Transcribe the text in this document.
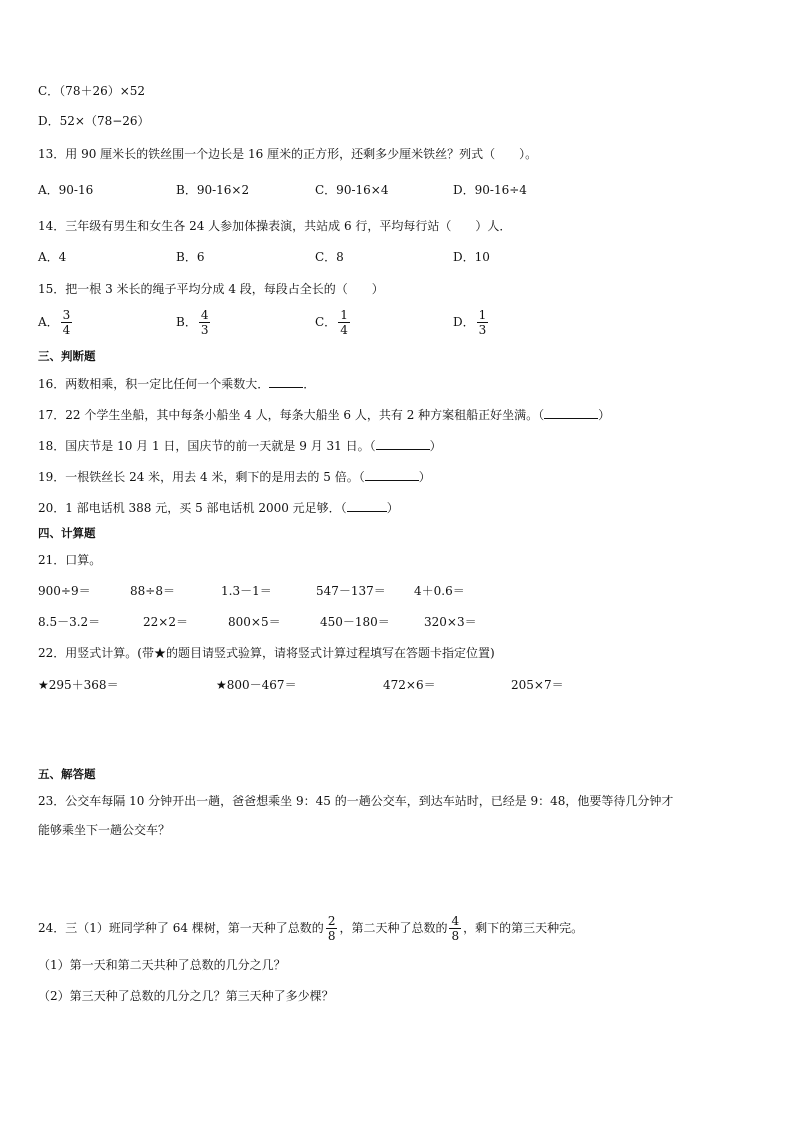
C．（78＋26）×52
D．52×（78−26）
13．用 90 厘米长的铁丝围一个边长是 16 厘米的正方形，还剩多少厘米铁丝？列式（　　）。
A．90-16	B．90-16×2	C．90-16×4	D．90-16÷4
14．三年级有男生和女生各 24 人参加体操表演，共站成 6 行，平均每行站（　　）人．
A．4	B．6	C．8	D．10
15．把一根 3 米长的绳子平均分成 4 段，每段占全长的（　　）
A． $\frac{3}{4}$	B． $\frac{4}{3}$	C． $\frac{1}{4}$	D． $\frac{1}{3}$
三、判断题
16．两数相乘，积一定比任何一个乘数大．	．
17．22 个学生坐船，其中每条小船坐 4 人，每条大船坐 6 人，共有 2 种方案租船正好坐满。（	）
18．国庆节是 10 月 1 日，国庆节的前一天就是 9 月 31 日。（	）
19．一根铁丝长 24 米，用去 4 米，剩下的是用去的 5 倍。（	）
20．1 部电话机 388 元，买 5 部电话机 2000 元足够．（	）
四、计算题
21．口算。
900÷9＝	88÷8＝	1.3－1＝	547－137＝ 4＋0.6＝
8.5－3.2＝	22×2＝	800×5＝	450－180＝	320×3＝
22．用竖式计算。(带★的题目请竖式验算，请将竖式计算过程填写在答题卡指定位置)
★295＋368＝	★800－467＝	472×6＝	205×7＝
五、解答题
23．公交车每隔 10 分钟开出一趟，爸爸想乘坐 9：45 的一趟公交车，到达车站时，已经是 9：48，他要等待几分钟才
能够乘坐下一趟公交车？
24．三（1）班同学种了 64 棵树，第一天种了总数的 $\frac{2}{8}$ ，第二天种了总数的 $\frac{4}{8}$ ，剩下的第三天种完。
（1）第一天和第二天共种了总数的几分之几？
（2）第三天种了总数的几分之几？第三天种了多少棵？
